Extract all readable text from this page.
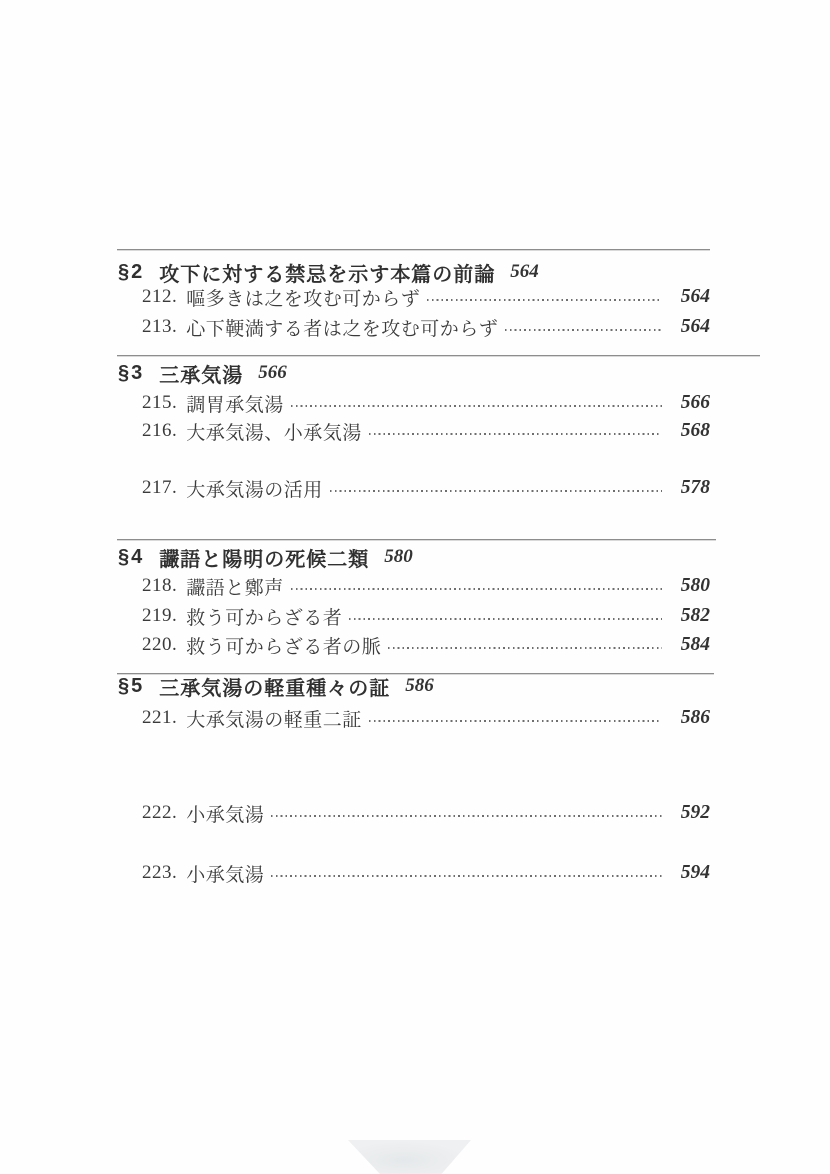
§2 攻下に対する禁忌を示す本篇の前論 564
212. 嘔多きは之を攻む可からず	564
213. 心下鞕満する者は之を攻む可からず	564
§3 三承気湯 566
215. 調胃承気湯	566
216. 大承気湯、小承気湯	568
217. 大承気湯の活用	578
§4 讝語と陽明の死候二類 580
218. 讝語と鄭声	580
219. 救う可からざる者	582
220. 救う可からざる者の脈	584
§5 三承気湯の軽重種々の証 586
221. 大承気湯の軽重二証	586
222. 小承気湯	592
223. 小承気湯	594
